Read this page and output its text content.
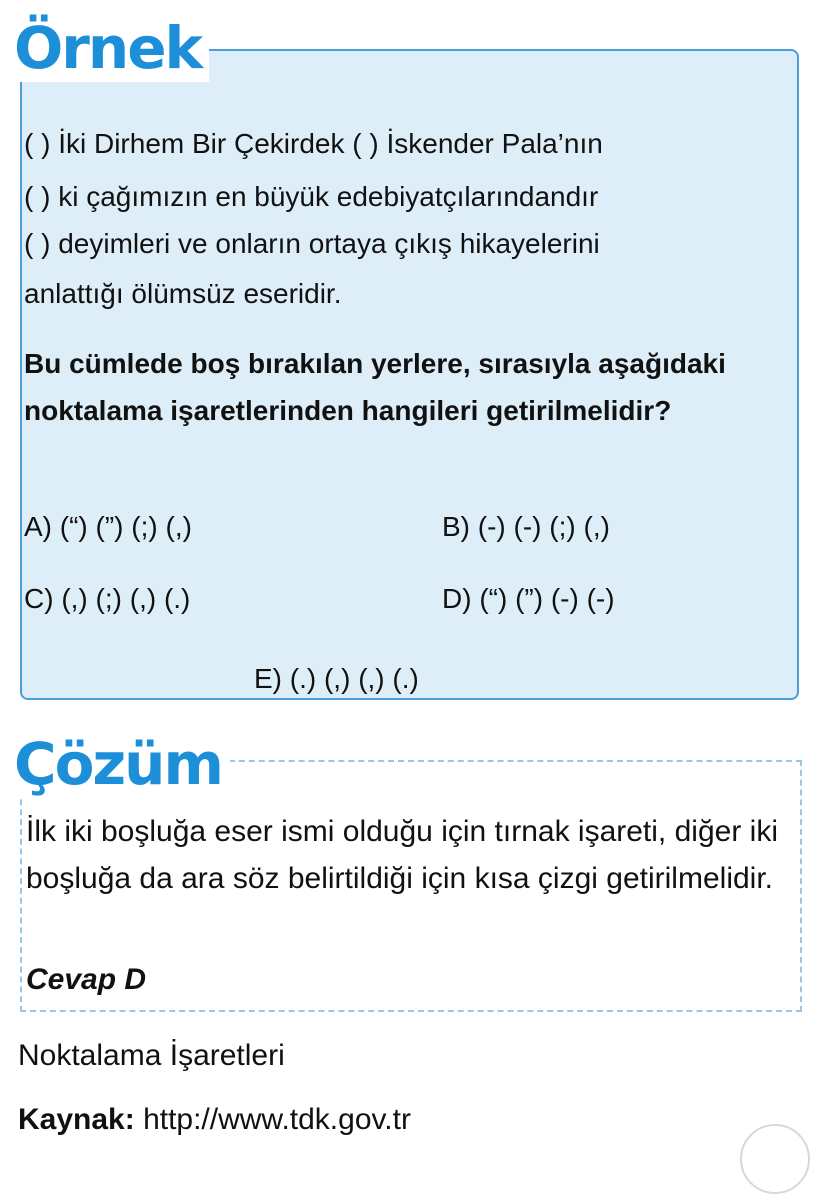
Örnek
( ) İki Dirhem Bir Çekirdek ( ) İskender Pala’nın
( ) ki çağımızın en büyük edebiyatçılarındandır
( ) deyimleri ve onların ortaya çıkış hikayelerini
anlattığı ölümsüz eseridir.

Bu cümlede boş bırakılan yerlere, sırasıyla aşağıdaki noktalama işaretlerinden hangileri getirilmelidir?

A) (“) (”) (;) (,)	B) (-) (-) (;) (,)
C) (,) (;) (,) (.)	D) (“) (”) (-) (-)
E) (.) (,) (,) (.)
Çözüm

İlk iki boşluğa eser ismi olduğu için tırnak işareti, diğer iki boşluğa da ara söz belirtildiği için kısa çizgi getirilmelidir.

Cevap D
Noktalama İşaretleri
Kaynak: http://www.tdk.gov.tr
